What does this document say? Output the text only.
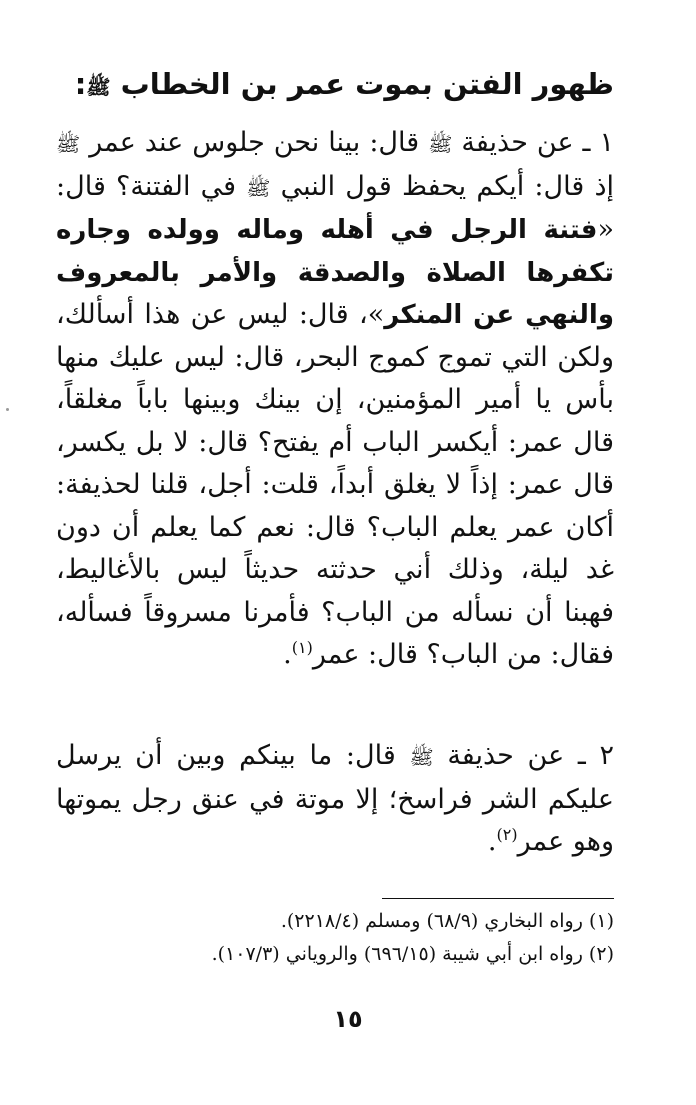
ظهور الفتن بموت عمر بن الخطاب ﷺ:
١ ـ عن حذيفة ﷺ قال: بينا نحن جلوس عند عمر ﷺ إذ قال: أيكم يحفظ قول النبي ﷺ في الفتنة؟ قال: «فتنة الرجل في أهله وماله وولده وجاره تكفرها الصلاة والصدقة والأمر بالمعروف والنهي عن المنكر»، قال: ليس عن هذا أسألك، ولكن التي تموج كموج البحر، قال: ليس عليك منها بأس يا أمير المؤمنين، إن بينك وبينها باباً مغلقاً، قال عمر: أيكسر الباب أم يفتح؟ قال: لا بل يكسر، قال عمر: إذاً لا يغلق أبداً، قلت: أجل، قلنا لحذيفة: أكان عمر يعلم الباب؟ قال: نعم كما يعلم أن دون غد ليلة، وذلك أني حدثته حديثاً ليس بالأغاليط، فهبنا أن نسأله من الباب؟ فأمرنا مسروقاً فسأله، فقال: من الباب؟ قال: عمر$^{(١)}$.
٢ ـ عن حذيفة ﷺ قال: ما بينكم وبين أن يرسل عليكم الشر فراسخ؛ إلا موتة في عنق رجل يموتها وهو عمر$^{(٢)}$.
(١) رواه البخاري (٦٨/٩) ومسلم (٢٢١٨/٤).
(٢) رواه ابن أبي شيبة (٦٩٦/١٥) والروياني (١٠٧/٣).
١٥
